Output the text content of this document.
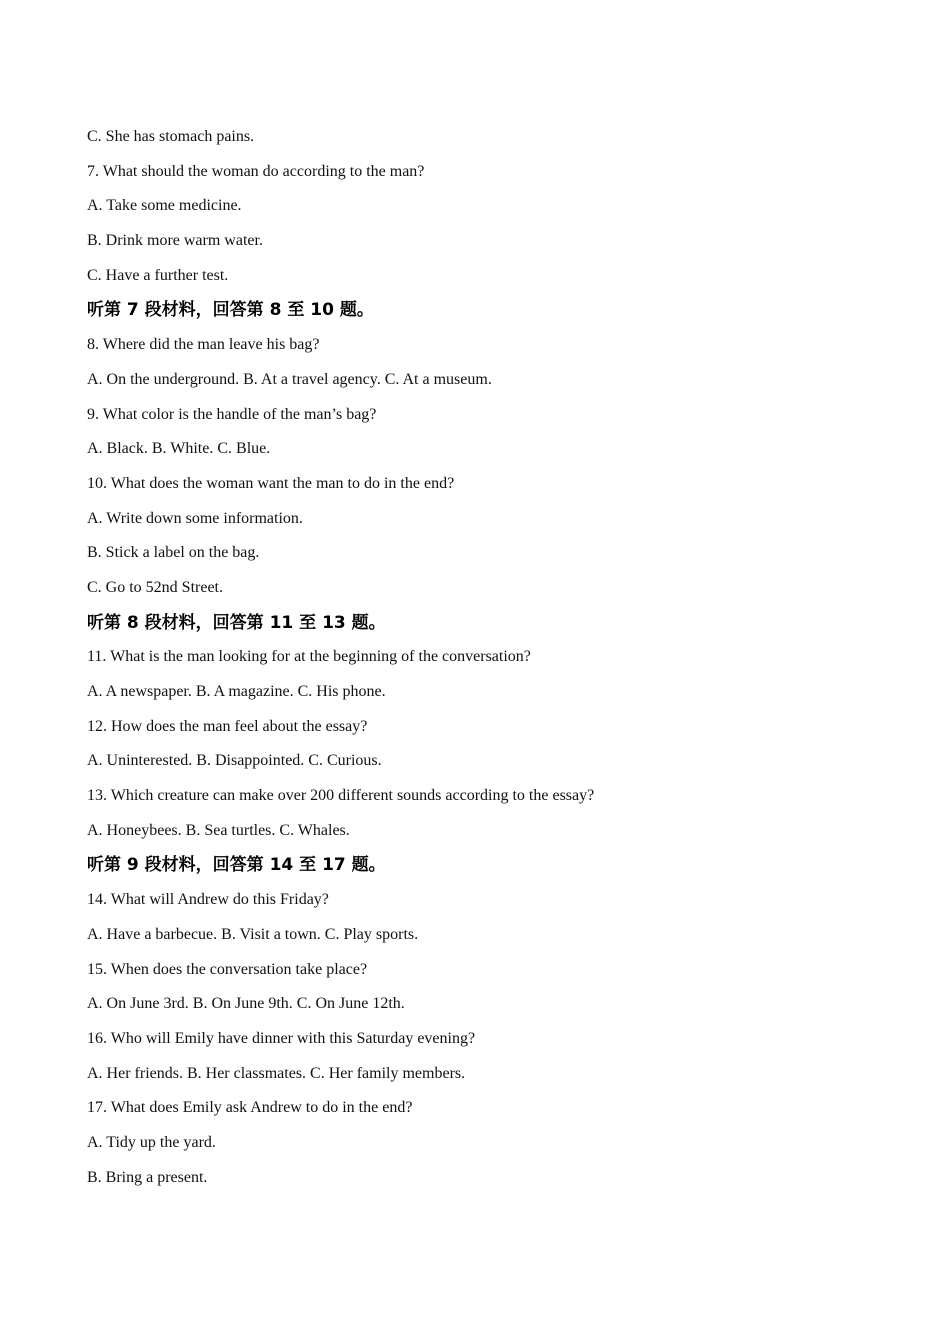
C. She has stomach pains.
7. What should the woman do according to the man?
A. Take some medicine.
B. Drink more warm water.
C. Have a further test.
听第 7 段材料，回答第 8 至 10 题。
8. Where did the man leave his bag?
A. On the underground. B. At a travel agency. C. At a museum.
9. What color is the handle of the man’s bag?
A. Black. B. White. C. Blue.
10. What does the woman want the man to do in the end?
A. Write down some information.
B. Stick a label on the bag.
C. Go to 52nd Street.
听第 8 段材料，回答第 11 至 13 题。
11. What is the man looking for at the beginning of the conversation?
A. A newspaper. B. A magazine. C. His phone.
12. How does the man feel about the essay?
A. Uninterested. B. Disappointed. C. Curious.
13. Which creature can make over 200 different sounds according to the essay?
A. Honeybees. B. Sea turtles. C. Whales.
听第 9 段材料，回答第 14 至 17 题。
14. What will Andrew do this Friday?
A. Have a barbecue. B. Visit a town. C. Play sports.
15. When does the conversation take place?
A. On June 3rd. B. On June 9th. C. On June 12th.
16. Who will Emily have dinner with this Saturday evening?
A. Her friends. B. Her classmates. C. Her family members.
17. What does Emily ask Andrew to do in the end?
A. Tidy up the yard.
B. Bring a present.
